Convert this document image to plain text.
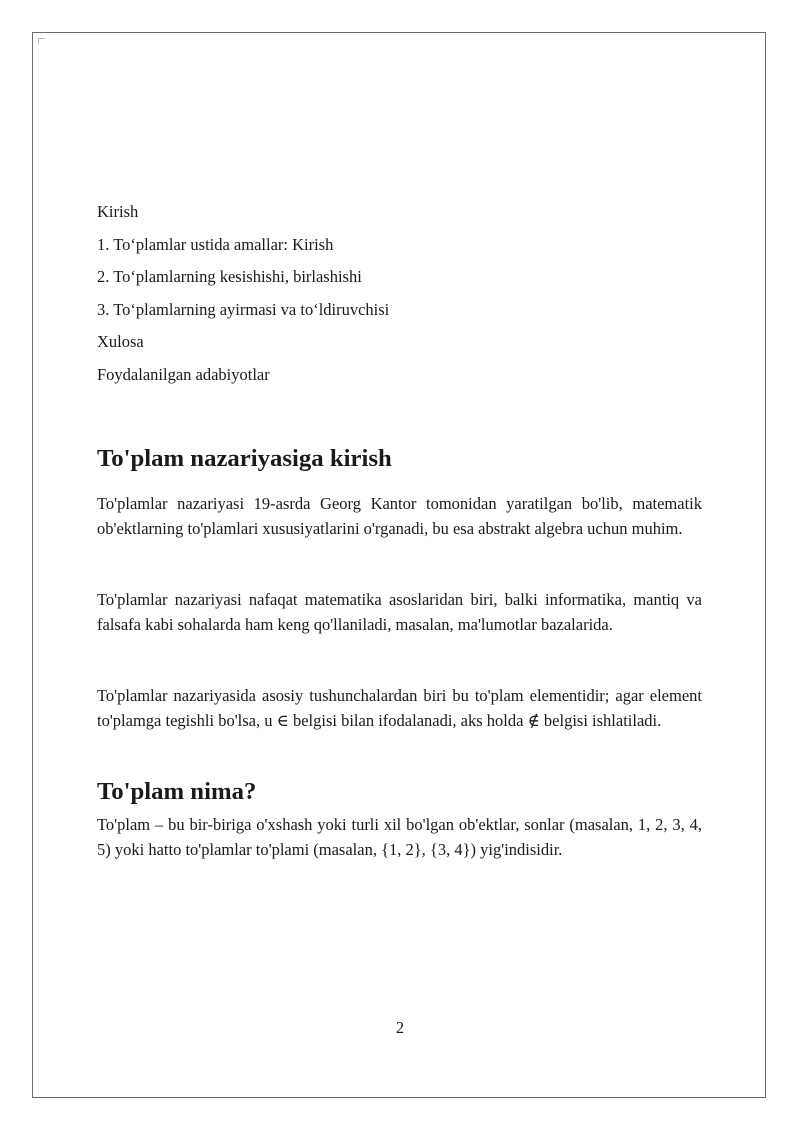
Kirish

1. To‘plamlar ustida amallar: Kirish

2. To‘plamlarning kesishishi, birlashishi

3. To‘plamlarning ayirmasi va to‘ldiruvchisi

Xulosa

Foydalanilgan adabiyotlar

To'plam nazariyasiga kirish

To'plamlar nazariyasi 19-asrda Georg Kantor tomonidan yaratilgan bo'lib, matematik ob'ektlarning to'plamlari xususiyatlarini o'rganadi, bu esa abstrakt algebra uchun muhim.

To'plamlar nazariyasi nafaqat matematika asoslaridan biri, balki informatika, mantiq va falsafa kabi sohalarda ham keng qo'llaniladi, masalan, ma'lumotlar bazalarida.

To'plamlar nazariyasida asosiy tushunchalardan biri bu to'plam elementidir; agar element to'plamga tegishli bo'lsa, u ∈ belgisi bilan ifodalanadi, aks holda ∉ belgisi ishlatiladi.

To'plam nima?

To'plam – bu bir-biriga o'xshash yoki turli xil bo'lgan ob'ektlar, sonlar (masalan, 1, 2, 3, 4, 5) yoki hatto to'plamlar to'plami (masalan, {1, 2}, {3, 4}) yig'indisidir.

2
